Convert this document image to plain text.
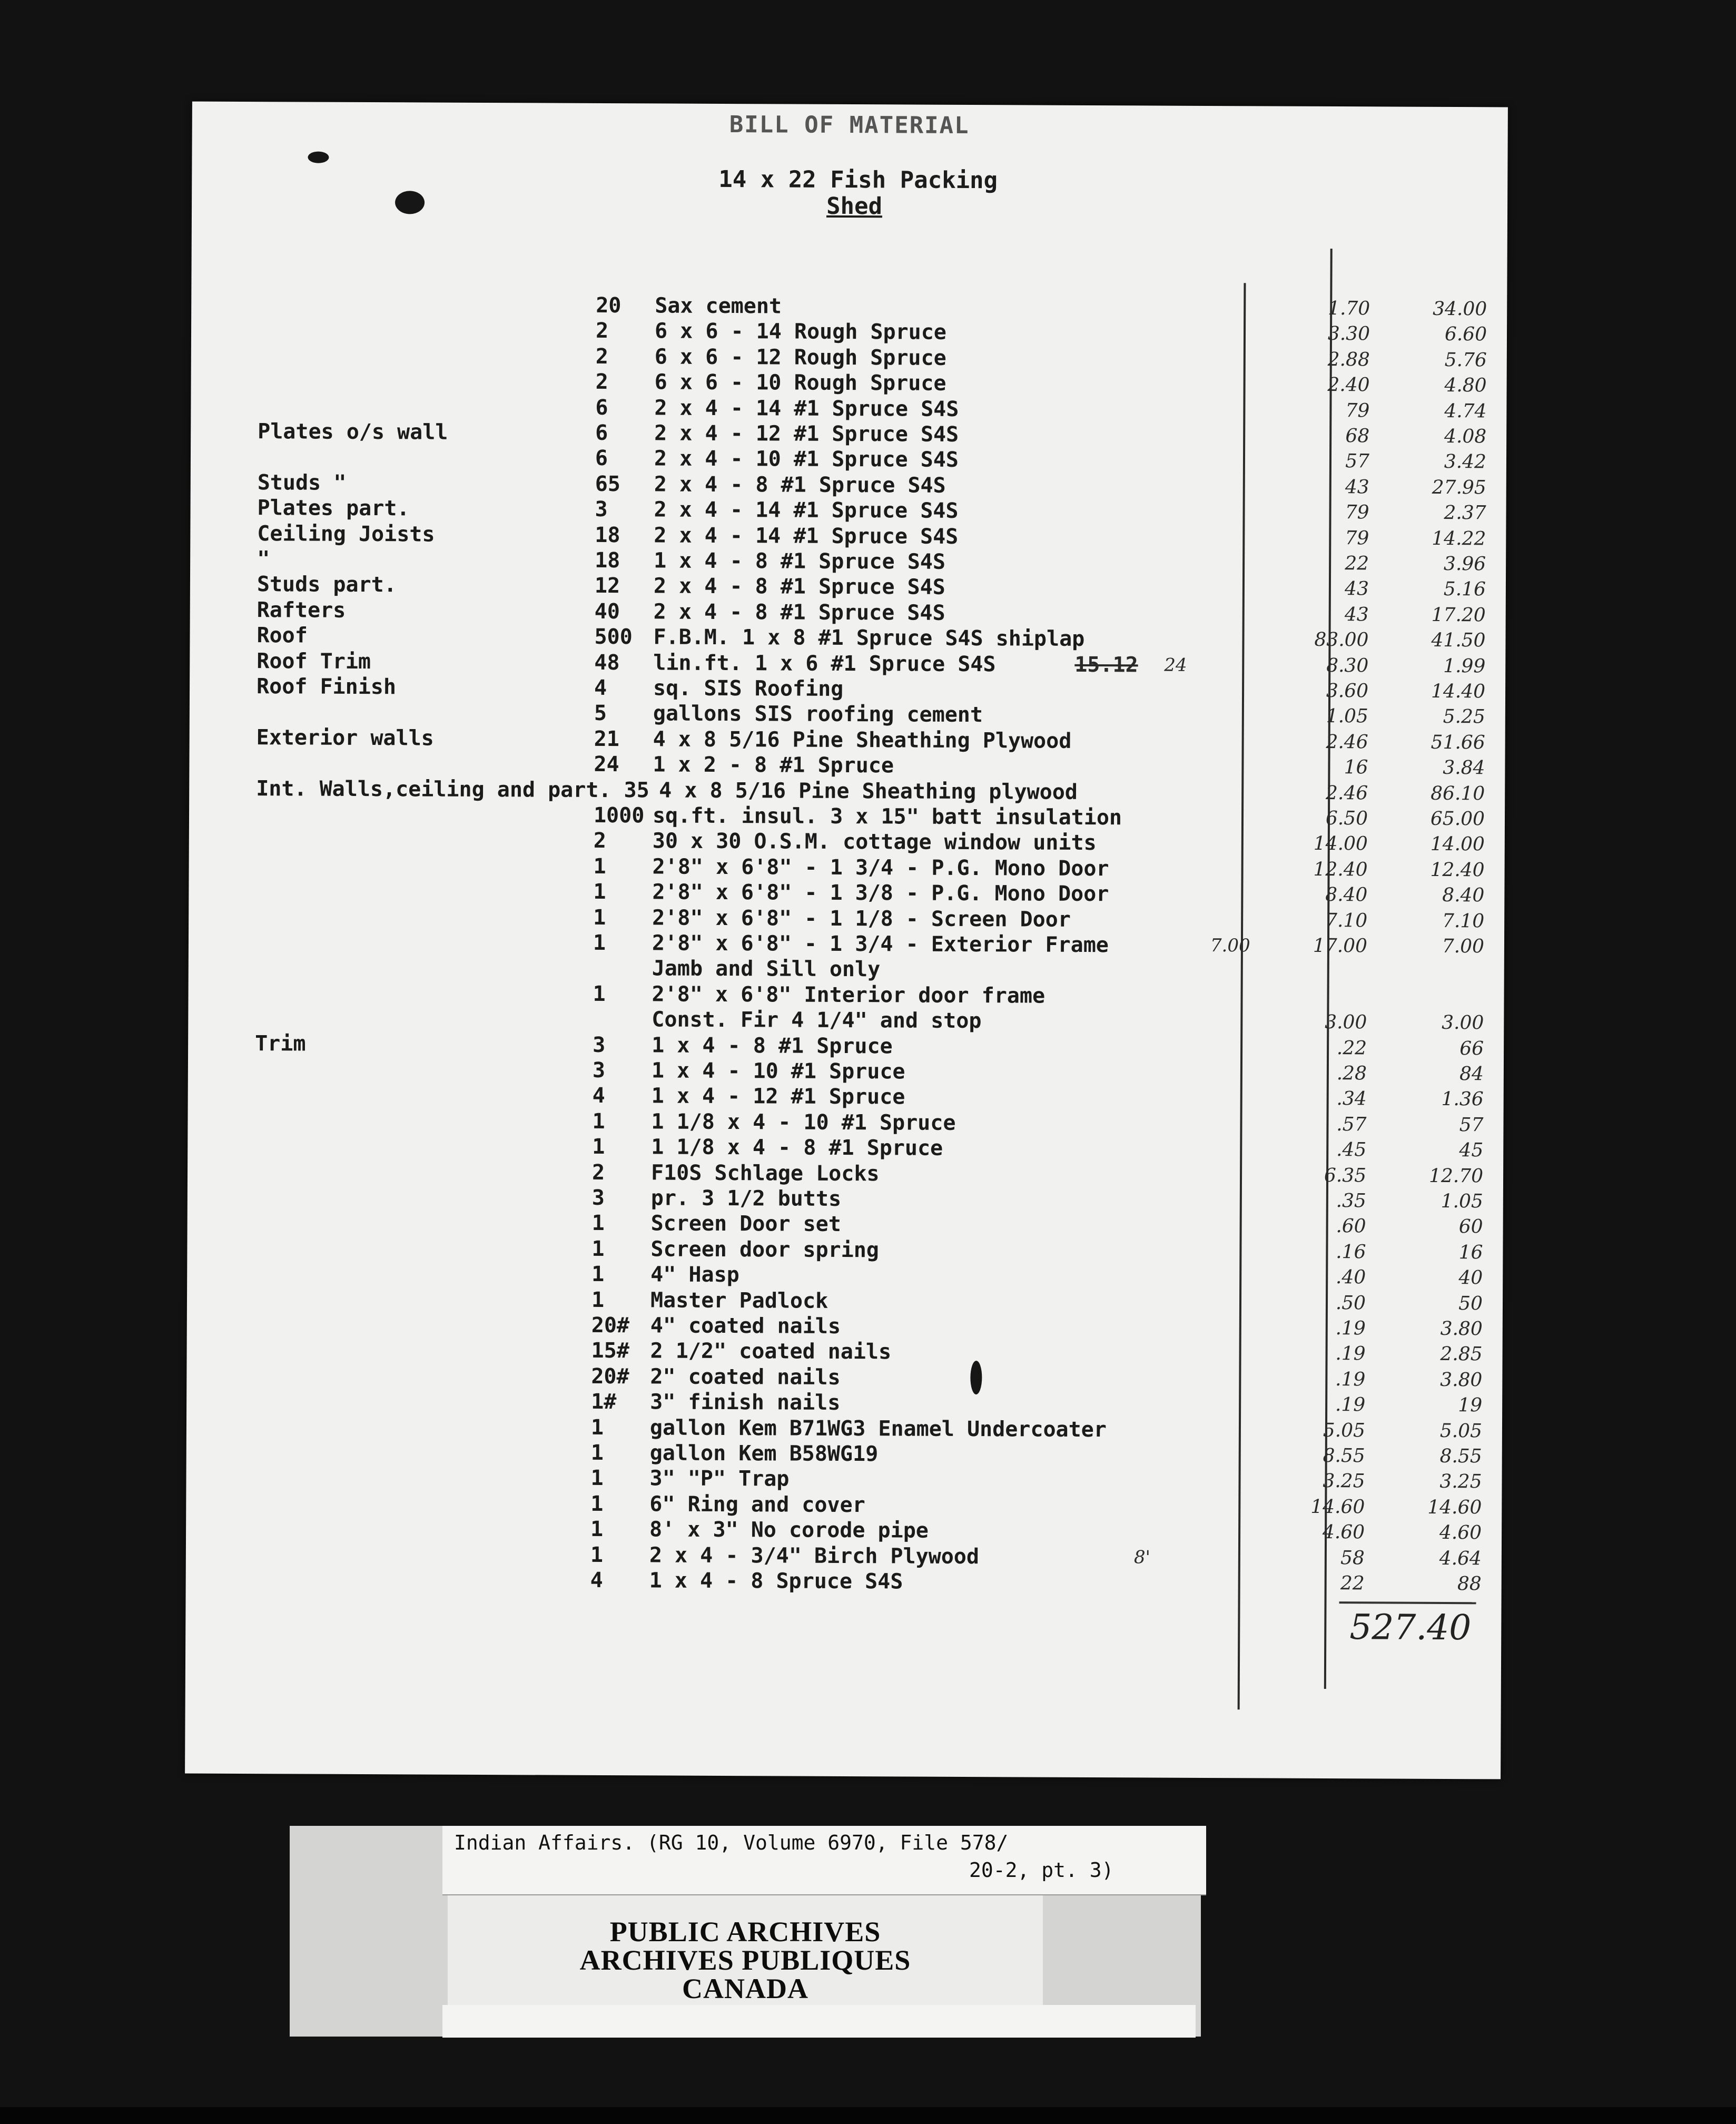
BILL OF MATERIAL
14 x 22 Fish Packing
Shed
20 Sax cement	1.70	34.00
2 6 x 6 - 14 Rough Spruce	3.30	6.60
2 6 x 6 - 12 Rough Spruce	2.88	5.76
2 6 x 6 - 10 Rough Spruce	2.40	4.80
6 2 x 4 - 14 #1 Spruce S4S	79	4.74
Plates o/s wall	6 2 x 4 - 12 #1 Spruce S4S	68	4.08
6 2 x 4 - 10 #1 Spruce S4S	57	3.42
Studs "	65 2 x 4 - 8 #1 Spruce S4S	43	27.95
Plates part.	3 2 x 4 - 14 #1 Spruce S4S	79	2.37
Ceiling Joists	18 2 x 4 - 14 #1 Spruce S4S	79	14.22
"	18 1 x 4 - 8 #1 Spruce S4S	22	3.96
Studs part.	12 2 x 4 - 8 #1 Spruce S4S	43	5.16
Rafters	40 2 x 4 - 8 #1 Spruce S4S	43	17.20
Roof	500 F.B.M. 1 x 8 #1 Spruce S4S shiplap	83.00	41.50
Roof Trim	48 lin.ft. 1 x 6 #1 Spruce S4S	15.12 24	8.30	1.99
Roof Finish	4 sq. SIS Roofing	3.60	14.40
5 gallons SIS roofing cement	1.05	5.25
Exterior walls	21 4 x 8 5/16 Pine Sheathing Plywood	2.46	51.66
24 1 x 2 - 8 #1 Spruce	16	3.84
Int. Walls,ceiling and part. 35 4 x 8 5/16 Pine Sheathing plywood	2.46	86.10
1000 sq.ft. insul. 3 x 15" batt insulation	6.50	65.00
2 30 x 30 O.S.M. cottage window units	14.00	14.00
1 2'8" x 6'8" - 1 3/4 - P.G. Mono Door	12.40	12.40
1 2'8" x 6'8" - 1 3/8 - P.G. Mono Door	8.40	8.40
1 2'8" x 6'8" - 1 1/8 - Screen Door	7.10	7.10
1 2'8" x 6'8" - 1 3/4 - Exterior Frame	7.00	17.00	7.00
Jamb and Sill only
1 2'8" x 6'8" Interior door frame
Const. Fir 4 1/4" and stop	3.00	3.00
Trim	3 1 x 4 - 8 #1 Spruce	.22	66
3 1 x 4 - 10 #1 Spruce	.28	84
4 1 x 4 - 12 #1 Spruce	.34	1.36
1 1 1/8 x 4 - 10 #1 Spruce	.57	57
1 1 1/8 x 4 - 8 #1 Spruce	.45	45
2 F10S Schlage Locks	6.35	12.70
3 pr. 3 1/2 butts	.35	1.05
1 Screen Door set	.60	60
1 Screen door spring	.16	16
1 4" Hasp	.40	40
1 Master Padlock	.50	50
20# 4" coated nails	.19	3.80
15# 2 1/2" coated nails	.19	2.85
20# 2" coated nails	.19	3.80
1# 3" finish nails	.19	19
1 gallon Kem B71WG3 Enamel Undercoater	5.05	5.05
1 gallon Kem B58WG19	8.55	8.55
1 3" "P" Trap	3.25	3.25
1 6" Ring and cover	14.60	14.60
1 8' x 3" No corode pipe	4.60	4.60
1 2 x 4 - 3/4" Birch Plywood	8'	58	4.64
4 1 x 4 - 8 Spruce S4S	22	88
527.40
Indian Affairs. (RG 10, Volume 6970, File 578/
20-2, pt. 3)
PUBLIC ARCHIVES
ARCHIVES PUBLIQUES
CANADA
